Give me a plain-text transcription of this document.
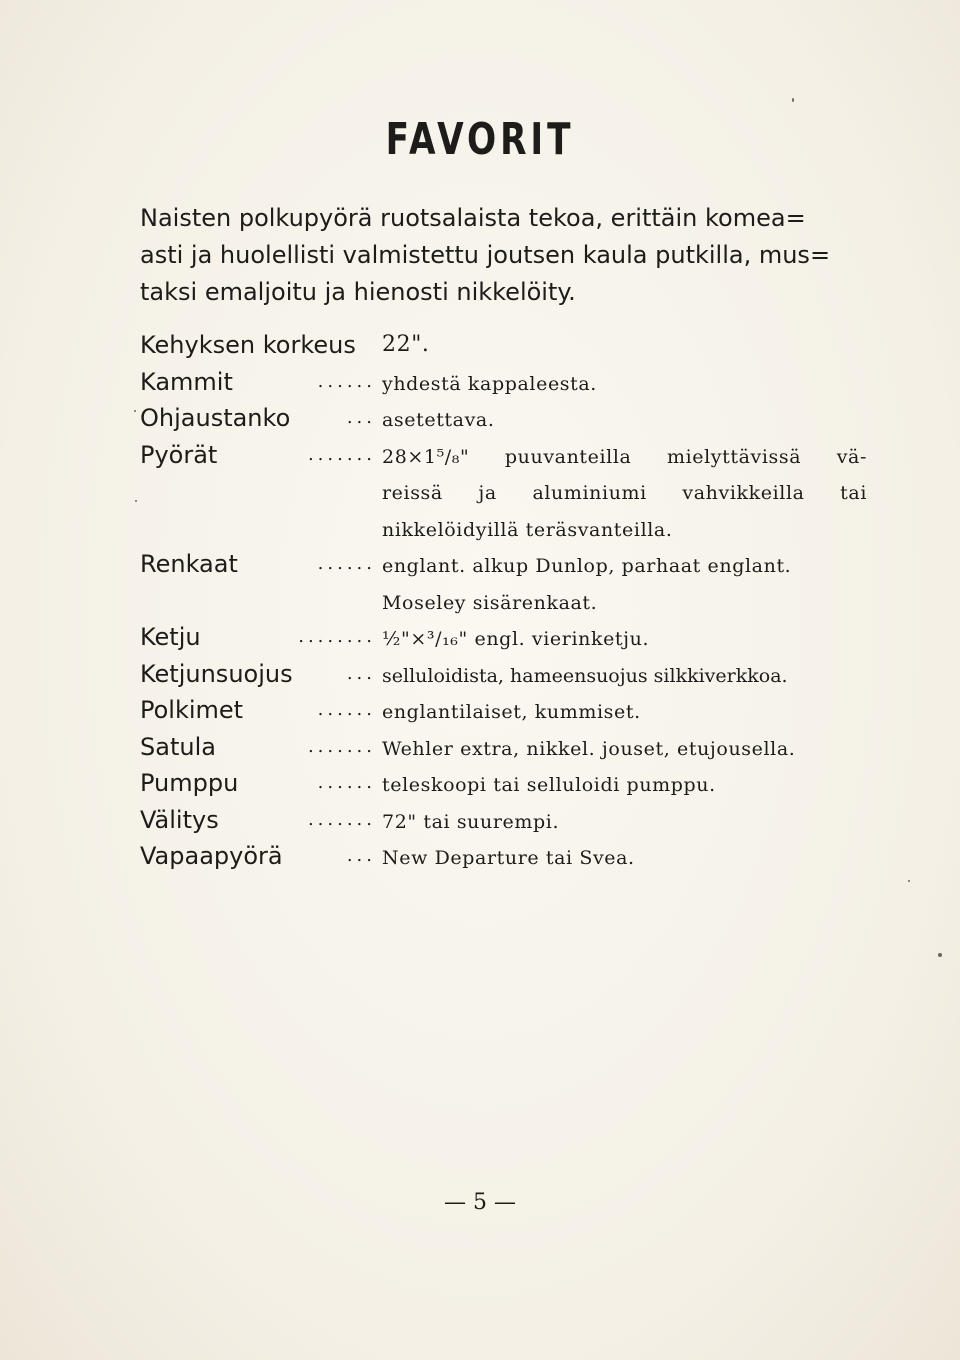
FAVORIT
Naisten polkupyörä ruotsalaista tekoa, erittäin komea=
asti ja huolellisti valmistettu joutsen kaula putkilla, mus=
taksi emaljoitu ja hienosti nikkelöity.
Kehyksen korkeus 22".
Kammit	...... yhdestä kappaleesta.
Ohjaustanko	... asetettava.
Pyörät	....... 28×1⁵/₈" puuvanteilla mielyttävissä vä-
reissä ja aluminiumi vahvikkeilla tai
nikkelöidyillä teräsvanteilla.
Renkaat	...... englant. alkup Dunlop, parhaat englant.
Moseley sisärenkaat.
Ketju	........ ½"×³/₁₆" engl. vierinketju.
Ketjunsuojus	... selluloidista, hameensuojus silkkiverkkoa.
Polkimet	...... englantilaiset, kummiset.
Satula	....... Wehler extra, nikkel. jouset, etujousella.
Pumppu	...... teleskoopi tai selluloidi pumppu.
Välitys	....... 72" tai suurempi.
Vapaapyörä	... New Departure tai Svea.
— 5 —
